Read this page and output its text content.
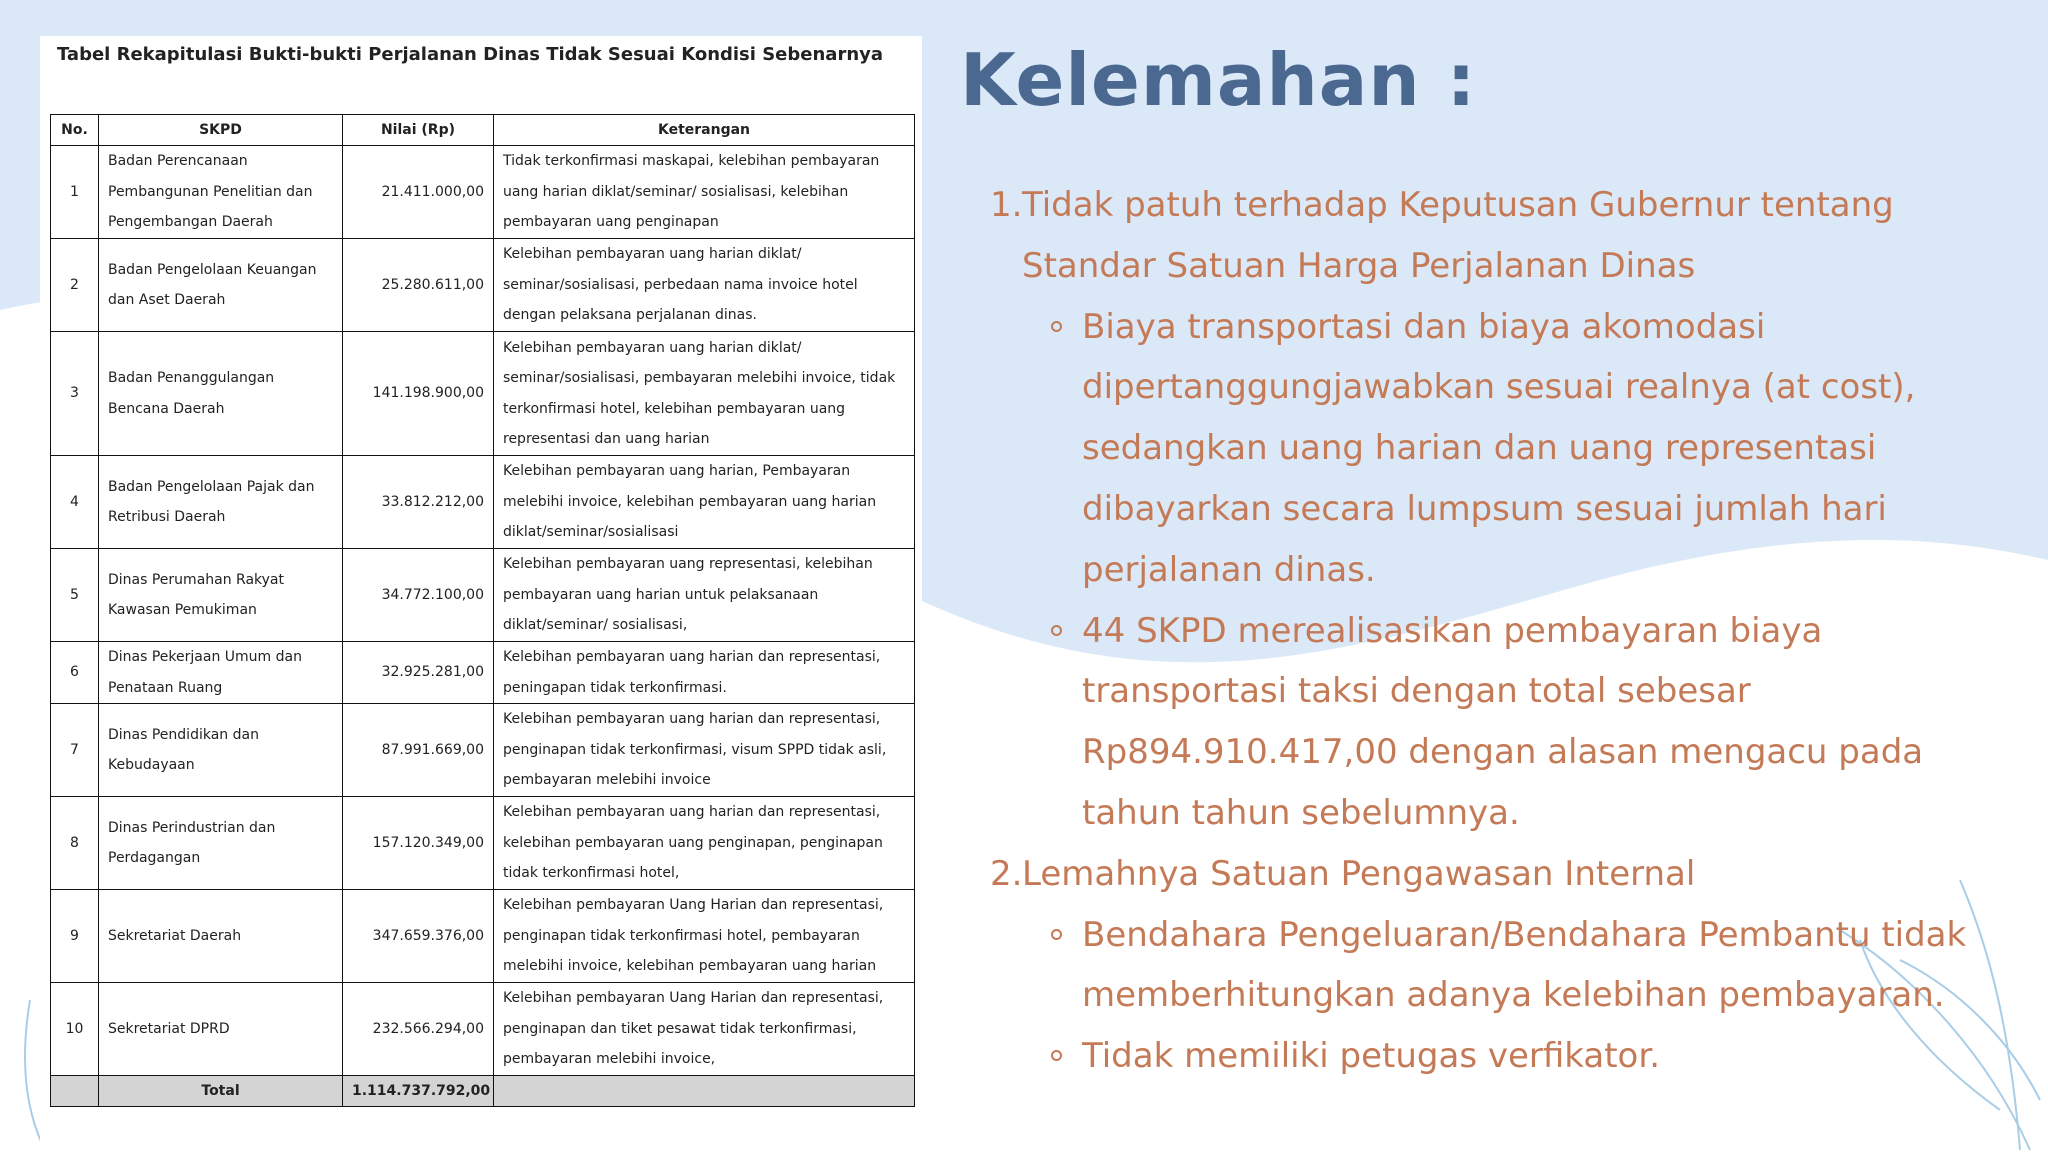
Tabel Rekapitulasi Bukti-bukti Perjalanan Dinas Tidak Sesuai Kondisi Sebenarnya
No.	SKPD	Nilai (Rp)	Keterangan
1	Badan Perencanaan Pembangunan Penelitian dan Pengembangan Daerah	21.411.000,00	Tidak terkonfirmasi maskapai, kelebihan pembayaran uang harian diklat/seminar/ sosialisasi, kelebihan pembayaran uang penginapan
2	Badan Pengelolaan Keuangan dan Aset Daerah	25.280.611,00	Kelebihan pembayaran uang harian diklat/ seminar/sosialisasi, perbedaan nama invoice hotel dengan pelaksana perjalanan dinas.
3	Badan Penanggulangan Bencana Daerah	141.198.900,00	Kelebihan pembayaran uang harian diklat/ seminar/sosialisasi, pembayaran melebihi invoice, tidak terkonfirmasi hotel, kelebihan pembayaran uang representasi dan uang harian
4	Badan Pengelolaan Pajak dan Retribusi Daerah	33.812.212,00	Kelebihan pembayaran uang harian, Pembayaran melebihi invoice, kelebihan pembayaran uang harian diklat/seminar/sosialisasi
5	Dinas Perumahan Rakyat Kawasan Pemukiman	34.772.100,00	Kelebihan pembayaran uang representasi, kelebihan pembayaran uang harian untuk pelaksanaan diklat/seminar/ sosialisasi,
6	Dinas Pekerjaan Umum dan Penataan Ruang	32.925.281,00	Kelebihan pembayaran uang harian dan representasi, peningapan tidak terkonfirmasi.
7	Dinas Pendidikan dan Kebudayaan	87.991.669,00	Kelebihan pembayaran uang harian dan representasi, penginapan tidak terkonfirmasi, visum SPPD tidak asli, pembayaran melebihi invoice
8	Dinas Perindustrian dan Perdagangan	157.120.349,00	Kelebihan pembayaran uang harian dan representasi, kelebihan pembayaran uang penginapan, penginapan tidak terkonfirmasi hotel,
9	Sekretariat Daerah	347.659.376,00	Kelebihan pembayaran Uang Harian dan representasi, penginapan tidak terkonfirmasi hotel, pembayaran melebihi invoice, kelebihan pembayaran uang harian
10	Sekretariat DPRD	232.566.294,00	Kelebihan pembayaran Uang Harian dan representasi, penginapan dan tiket pesawat tidak terkonfirmasi, pembayaran melebihi invoice,
	Total	1.114.737.792,00	
Kelemahan :
1. Tidak patuh terhadap Keputusan Gubernur tentang Standar Satuan Harga Perjalanan Dinas
Biaya transportasi dan biaya akomodasi dipertanggungjawabkan sesuai realnya (at cost), sedangkan uang harian dan uang representasi dibayarkan secara lumpsum sesuai jumlah hari perjalanan dinas.
44 SKPD merealisasikan pembayaran biaya transportasi taksi dengan total sebesar Rp894.910.417,00 dengan alasan mengacu pada tahun tahun sebelumnya.
2. Lemahnya Satuan Pengawasan Internal
Bendahara Pengeluaran/Bendahara Pembantu tidak memberhitungkan adanya kelebihan pembayaran.
Tidak memiliki petugas verfikator.
